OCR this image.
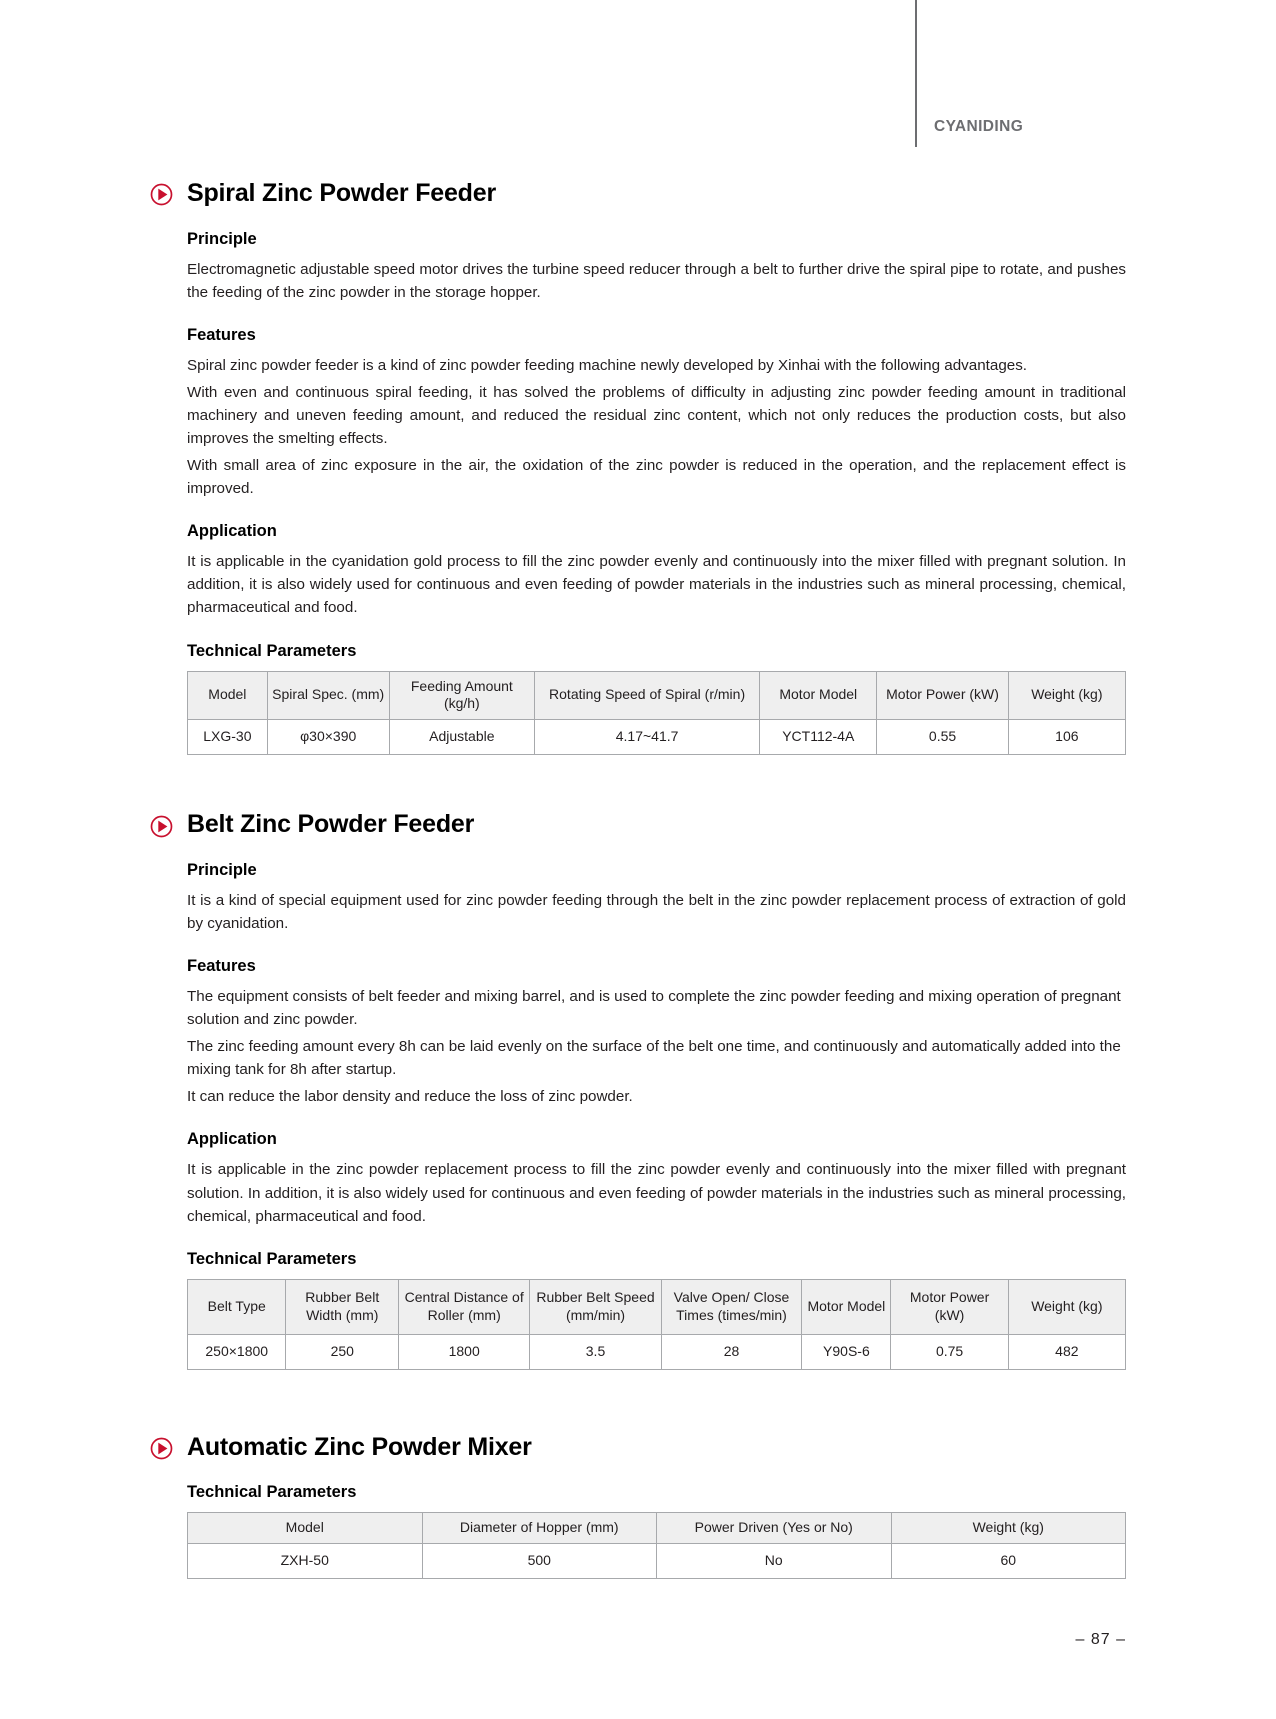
CYANIDING
Spiral Zinc Powder Feeder
Principle

Electromagnetic adjustable speed motor drives the turbine speed reducer through a belt to further drive the spiral pipe to rotate, and pushes the feeding of the zinc powder in the storage hopper.

Features

Spiral zinc powder feeder is a kind of zinc powder feeding machine newly developed by Xinhai with the following advantages.

With even and continuous spiral feeding, it has solved the problems of difficulty in adjusting zinc powder feeding amount in traditional machinery and uneven feeding amount, and reduced the residual zinc content, which not only reduces the production costs, but also improves the smelting effects.

With small area of zinc exposure in the air, the oxidation of the zinc powder is reduced in the operation, and the replacement effect is improved.

Application

It is applicable in the cyanidation gold process to fill the zinc powder evenly and continuously into the mixer filled with pregnant solution. In addition, it is also widely used for continuous and even feeding of powder materials in the industries such as mineral processing, chemical, pharmaceutical and food.

Technical Parameters
Model	Spiral Spec. (mm)	Feeding Amount (kg/h)	Rotating Speed of Spiral (r/min)	Motor Model	Motor Power (kW)	Weight (kg)
LXG-30	φ30×390	Adjustable	4.17~41.7	YCT112-4A	0.55	106
Belt Zinc Powder Feeder
Principle

It is a kind of special equipment used for zinc powder feeding through the belt in the zinc powder replacement process of extraction of gold by cyanidation.

Features

The equipment consists of belt feeder and mixing barrel, and is used to complete the zinc powder feeding and mixing operation of pregnant solution and zinc powder.

The zinc feeding amount every 8h can be laid evenly on the surface of the belt one time, and continuously and automatically added into the mixing tank for 8h after startup.

It can reduce the labor density and reduce the loss of zinc powder.

Application

It is applicable in the zinc powder replacement process to fill the zinc powder evenly and continuously into the mixer filled with pregnant solution. In addition, it is also widely used for continuous and even feeding of powder materials in the industries such as mineral processing, chemical, pharmaceutical and food.

Technical Parameters
Belt Type	Rubber Belt Width (mm)	Central Distance of Roller (mm)	Rubber Belt Speed (mm/min)	Valve Open/ Close Times (times/min)	Motor Model	Motor Power (kW)	Weight (kg)
250×1800	250	1800	3.5	28	Y90S-6	0.75	482
Automatic Zinc Powder Mixer
Technical Parameters
Model	Diameter of Hopper (mm)	Power Driven (Yes or No)	Weight (kg)
ZXH-50	500	No	60
– 87 –
